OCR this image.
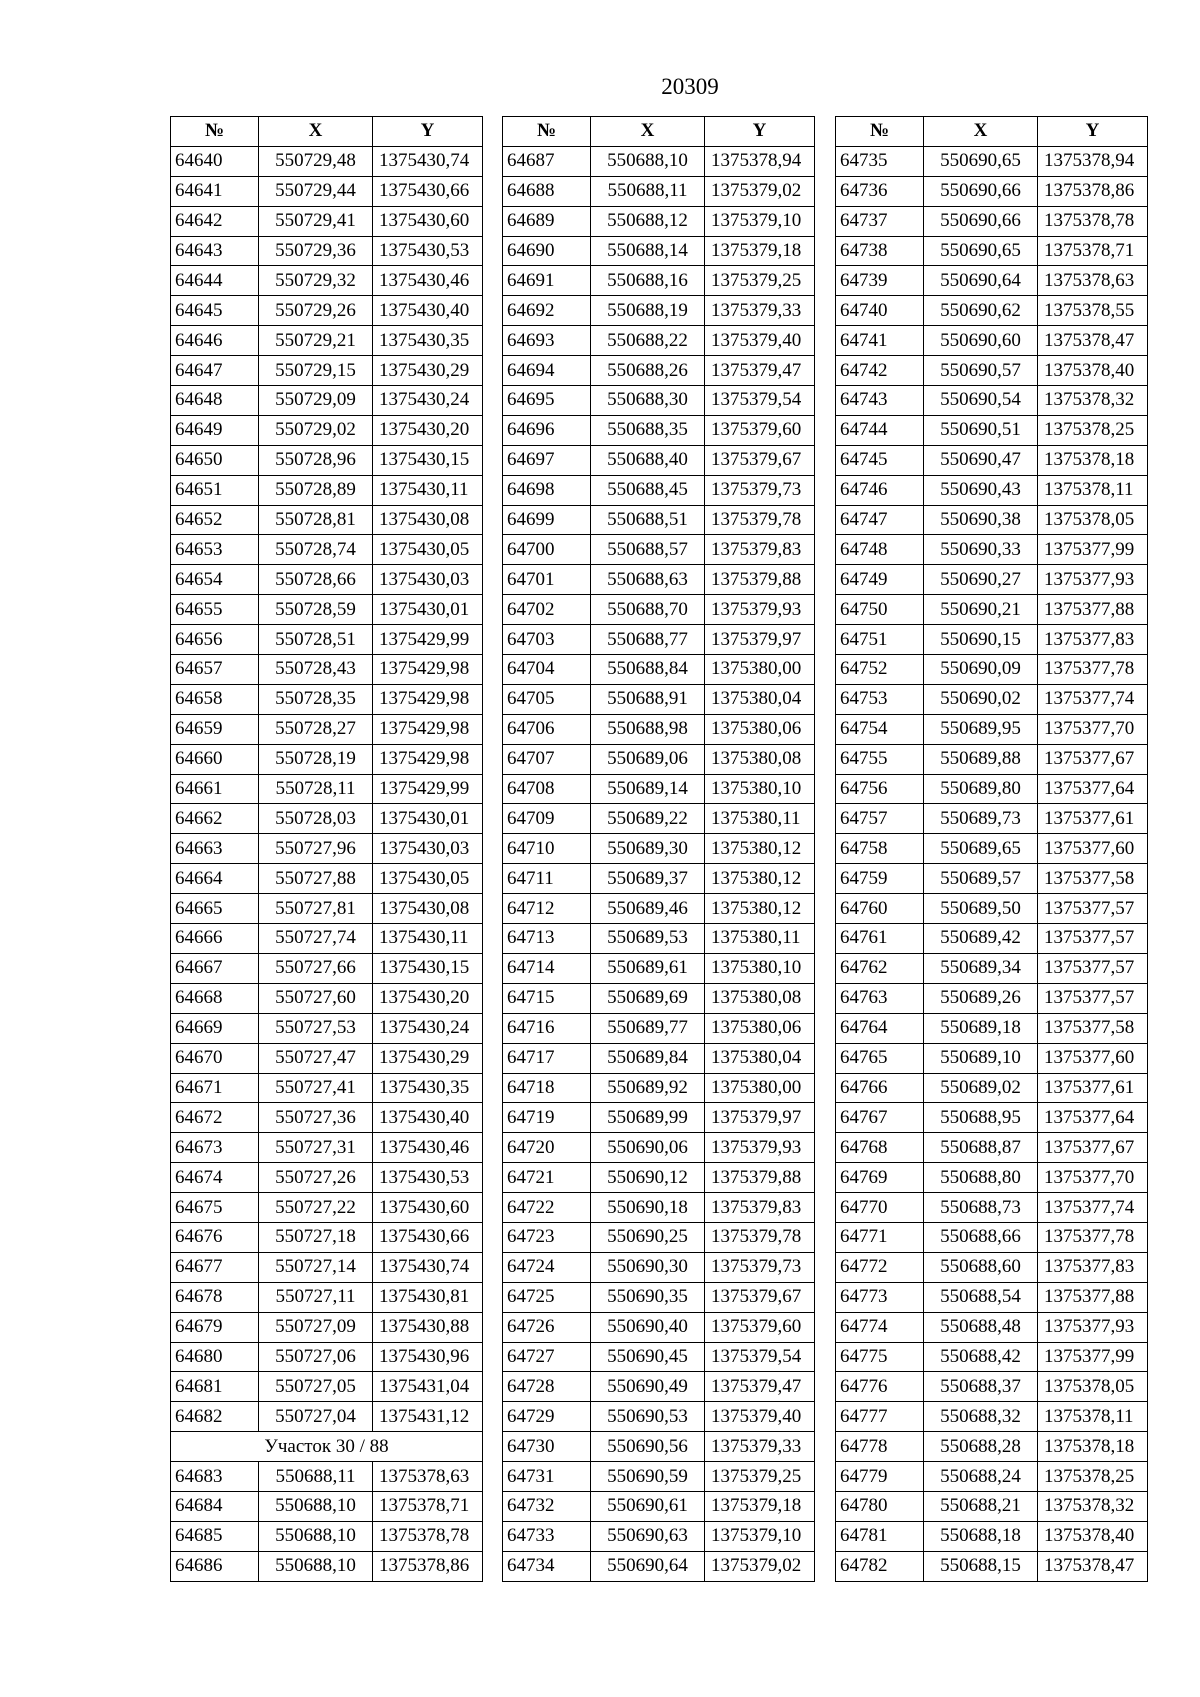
20309
№	X	Y
64640	550729,48	1375430,74
64641	550729,44	1375430,66
64642	550729,41	1375430,60
64643	550729,36	1375430,53
64644	550729,32	1375430,46
64645	550729,26	1375430,40
64646	550729,21	1375430,35
64647	550729,15	1375430,29
64648	550729,09	1375430,24
64649	550729,02	1375430,20
64650	550728,96	1375430,15
64651	550728,89	1375430,11
64652	550728,81	1375430,08
64653	550728,74	1375430,05
64654	550728,66	1375430,03
64655	550728,59	1375430,01
64656	550728,51	1375429,99
64657	550728,43	1375429,98
64658	550728,35	1375429,98
64659	550728,27	1375429,98
64660	550728,19	1375429,98
64661	550728,11	1375429,99
64662	550728,03	1375430,01
64663	550727,96	1375430,03
64664	550727,88	1375430,05
64665	550727,81	1375430,08
64666	550727,74	1375430,11
64667	550727,66	1375430,15
64668	550727,60	1375430,20
64669	550727,53	1375430,24
64670	550727,47	1375430,29
64671	550727,41	1375430,35
64672	550727,36	1375430,40
64673	550727,31	1375430,46
64674	550727,26	1375430,53
64675	550727,22	1375430,60
64676	550727,18	1375430,66
64677	550727,14	1375430,74
64678	550727,11	1375430,81
64679	550727,09	1375430,88
64680	550727,06	1375430,96
64681	550727,05	1375431,04
64682	550727,04	1375431,12
Участок 30 / 88		
64683	550688,11	1375378,63
64684	550688,10	1375378,71
64685	550688,10	1375378,78
64686	550688,10	1375378,86
№	X	Y
64687	550688,10	1375378,94
64688	550688,11	1375379,02
64689	550688,12	1375379,10
64690	550688,14	1375379,18
64691	550688,16	1375379,25
64692	550688,19	1375379,33
64693	550688,22	1375379,40
64694	550688,26	1375379,47
64695	550688,30	1375379,54
64696	550688,35	1375379,60
64697	550688,40	1375379,67
64698	550688,45	1375379,73
64699	550688,51	1375379,78
64700	550688,57	1375379,83
64701	550688,63	1375379,88
64702	550688,70	1375379,93
64703	550688,77	1375379,97
64704	550688,84	1375380,00
64705	550688,91	1375380,04
64706	550688,98	1375380,06
64707	550689,06	1375380,08
64708	550689,14	1375380,10
64709	550689,22	1375380,11
64710	550689,30	1375380,12
64711	550689,37	1375380,12
64712	550689,46	1375380,12
64713	550689,53	1375380,11
64714	550689,61	1375380,10
64715	550689,69	1375380,08
64716	550689,77	1375380,06
64717	550689,84	1375380,04
64718	550689,92	1375380,00
64719	550689,99	1375379,97
64720	550690,06	1375379,93
64721	550690,12	1375379,88
64722	550690,18	1375379,83
64723	550690,25	1375379,78
64724	550690,30	1375379,73
64725	550690,35	1375379,67
64726	550690,40	1375379,60
64727	550690,45	1375379,54
64728	550690,49	1375379,47
64729	550690,53	1375379,40
64730	550690,56	1375379,33
64731	550690,59	1375379,25
64732	550690,61	1375379,18
64733	550690,63	1375379,10
64734	550690,64	1375379,02
№	X	Y
64735	550690,65	1375378,94
64736	550690,66	1375378,86
64737	550690,66	1375378,78
64738	550690,65	1375378,71
64739	550690,64	1375378,63
64740	550690,62	1375378,55
64741	550690,60	1375378,47
64742	550690,57	1375378,40
64743	550690,54	1375378,32
64744	550690,51	1375378,25
64745	550690,47	1375378,18
64746	550690,43	1375378,11
64747	550690,38	1375378,05
64748	550690,33	1375377,99
64749	550690,27	1375377,93
64750	550690,21	1375377,88
64751	550690,15	1375377,83
64752	550690,09	1375377,78
64753	550690,02	1375377,74
64754	550689,95	1375377,70
64755	550689,88	1375377,67
64756	550689,80	1375377,64
64757	550689,73	1375377,61
64758	550689,65	1375377,60
64759	550689,57	1375377,58
64760	550689,50	1375377,57
64761	550689,42	1375377,57
64762	550689,34	1375377,57
64763	550689,26	1375377,57
64764	550689,18	1375377,58
64765	550689,10	1375377,60
64766	550689,02	1375377,61
64767	550688,95	1375377,64
64768	550688,87	1375377,67
64769	550688,80	1375377,70
64770	550688,73	1375377,74
64771	550688,66	1375377,78
64772	550688,60	1375377,83
64773	550688,54	1375377,88
64774	550688,48	1375377,93
64775	550688,42	1375377,99
64776	550688,37	1375378,05
64777	550688,32	1375378,11
64778	550688,28	1375378,18
64779	550688,24	1375378,25
64780	550688,21	1375378,32
64781	550688,18	1375378,40
64782	550688,15	1375378,47
